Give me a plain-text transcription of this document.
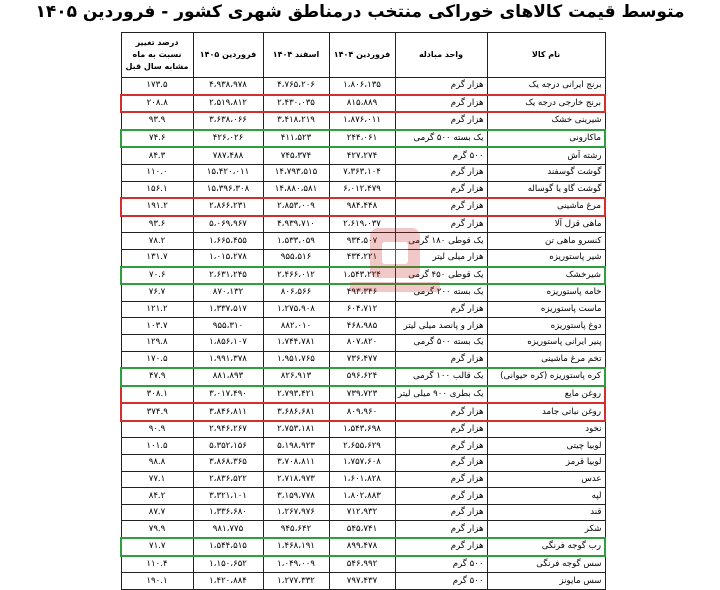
متوسط قیمت کالاهای خوراکی منتخب درمناطق شهری کشور - فروردین ۱۴۰۵
نام کالا	واحد مبادله	فروردین ۱۴۰۴	اسفند ۱۴۰۴	فروردین ۱۴۰۵	درصد تغییر نسبت به ماه مشابه سال قبل
برنج ایرانی درجه یک	هزار گرم	۱،۸۰۶،۱۳۵	۴،۷۶۵،۲۰۶	۴،۹۳۸،۹۷۸	۱۷۳.۵
برنج خارجی درجه یک	هزار گرم	۸۱۵،۸۸۹	۲،۴۳۰،۰۳۵	۲،۵۱۹،۸۱۲	۲۰۸.۸
شیرینی خشک	هزار گرم	۱،۸۷۶،۰۱۱	۳،۴۱۸،۲۱۹	۳،۶۳۸،۰۶۶	۹۳.۹
ماکارونی	یک بسته ۵۰۰ گرمی	۲۴۴،۰۶۱	۴۱۱،۵۲۳	۴۲۶،۰۲۶	۷۴.۶
رشته آش	۵۰۰ گرم	۴۲۷،۲۷۴	۷۴۵،۳۷۴	۷۸۷،۴۸۸	۸۴.۳
گوشت گوسفند	هزار گرم	۷،۳۶۳،۱۰۴	۱۴،۷۹۳،۵۱۵	۱۵،۴۲۰،۰۱۱	۱۱۰.۰
گوشت گاو یا گوساله	هزار گرم	۶،۰۱۲،۴۷۹	۱۴،۸۸۰،۵۸۱	۱۵،۳۹۶،۳۰۸	۱۵۶.۱
مرغ ماشینی	هزار گرم	۹۸۴،۴۴۸	۲،۸۵۳،۰۰۹	۲،۸۶۶،۲۳۱	۱۹۱.۲
ماهی قزل آلا	هزار گرم	۲،۶۱۹،۰۳۷	۴،۹۳۹،۷۱۰	۵،۰۶۹،۹۶۷	۹۳.۶
کنسرو ماهی تن	یک قوطی ۱۸۰ گرمی	۹۳۴،۵۰۷	۱،۵۳۳،۰۵۹	۱،۶۶۵،۴۵۵	۷۸.۲
شیر پاستوریزه	هزار میلی لیتر	۴۳۴،۲۲۱	۹۵۵،۵۱۶	۱،۰۱۵،۲۷۸	۱۳۱.۷
شیرخشک	یک قوطی ۴۵۰ گرمی	۱،۵۴۳،۲۲۴	۲،۴۶۶،۰۱۲	۲،۶۳۱،۲۴۵	۷۰.۶
خامه پاستوریزه	یک بسته ۲۰۰ گرمی	۴۹۳،۳۴۶	۸۰۶،۵۶۶	۸۷۰،۱۳۲	۷۶.۷
ماست پاستوریزه	هزار گرم	۶۰۴،۷۱۲	۱،۲۷۵،۹۰۸	۱،۳۳۷،۵۱۷	۱۲۱.۲
دوغ پاستوریزه	هزار و پانصد میلی لیتر	۴۶۸،۹۸۵	۸۸۲،۰۱۰	۹۵۵،۳۱۰	۱۰۳.۷
پنیر ایرانی پاستوریزه	یک بسته ۵۰۰ گرمی	۸۰۷،۸۲۰	۱،۷۴۴،۷۸۱	۱،۸۵۶،۱۰۷	۱۲۹.۸
تخم مرغ ماشینی	هزار گرم	۷۳۶،۴۷۷	۱،۹۵۱،۷۶۵	۱،۹۹۱،۳۷۸	۱۷۰.۵
کره پاستوریزه (کره حیوانی)	یک قالب ۱۰۰ گرمی	۵۹۶،۶۲۴	۸۲۶،۹۱۳	۸۸۱،۸۹۳	۴۷.۹
روغن مایع	یک بطری ۹۰۰ میلی لیتر	۷۳۹،۷۲۳	۲،۷۹۳،۴۲۱	۳،۰۱۷،۴۹۰	۳۰۸.۱
روغن نباتی جامد	هزار گرم	۸۰۹،۹۶۰	۳،۶۸۶،۶۸۱	۳،۸۴۶،۸۱۱	۳۷۴.۹
نخود	هزار گرم	۱،۵۴۳،۶۹۸	۲،۷۵۳،۱۸۱	۲،۹۴۶،۲۶۷	۹۰.۹
لوبیا چیتی	هزار گرم	۲،۶۵۵،۶۲۹	۵،۱۹۸،۹۲۳	۵،۳۵۲،۱۵۶	۱۰۱.۵
لوبیا قرمز	هزار گرم	۱،۷۵۷،۶۰۸	۳،۷۰۸،۸۱۱	۳،۸۶۸،۳۶۵	۹۸.۸
عدس	هزار گرم	۱،۶۰۱،۸۲۸	۲،۷۱۸،۹۷۳	۲،۸۳۶،۵۲۲	۷۷.۱
لپه	هزار گرم	۱،۸۰۲،۸۸۳	۳،۱۵۹،۷۷۸	۳،۳۲۱،۱۰۱	۸۴.۲
قند	هزار گرم	۷۱۲،۹۳۲	۱،۲۶۷،۹۷۶	۱،۳۳۶،۶۸۰	۸۷.۷
شکر	هزار گرم	۵۴۵،۷۴۱	۹۴۵،۶۴۲	۹۸۱،۷۷۵	۷۹.۹
رب گوجه فرنگی	هزار گرم	۸۹۹،۴۷۸	۱،۴۶۸،۱۹۱	۱،۵۴۴،۵۱۵	۷۱.۷
سس گوجه فرنگی	۵۰۰ گرم	۵۴۶،۹۹۲	۱،۰۴۹،۰۰۹	۱،۱۵۰،۶۵۲	۱۱۰.۴
سس مایونز	۵۰۰ گرم	۷۹۷،۴۳۷	۱،۲۷۷،۳۳۲	۱،۴۲۰،۸۸۴	۱۹۰.۱
